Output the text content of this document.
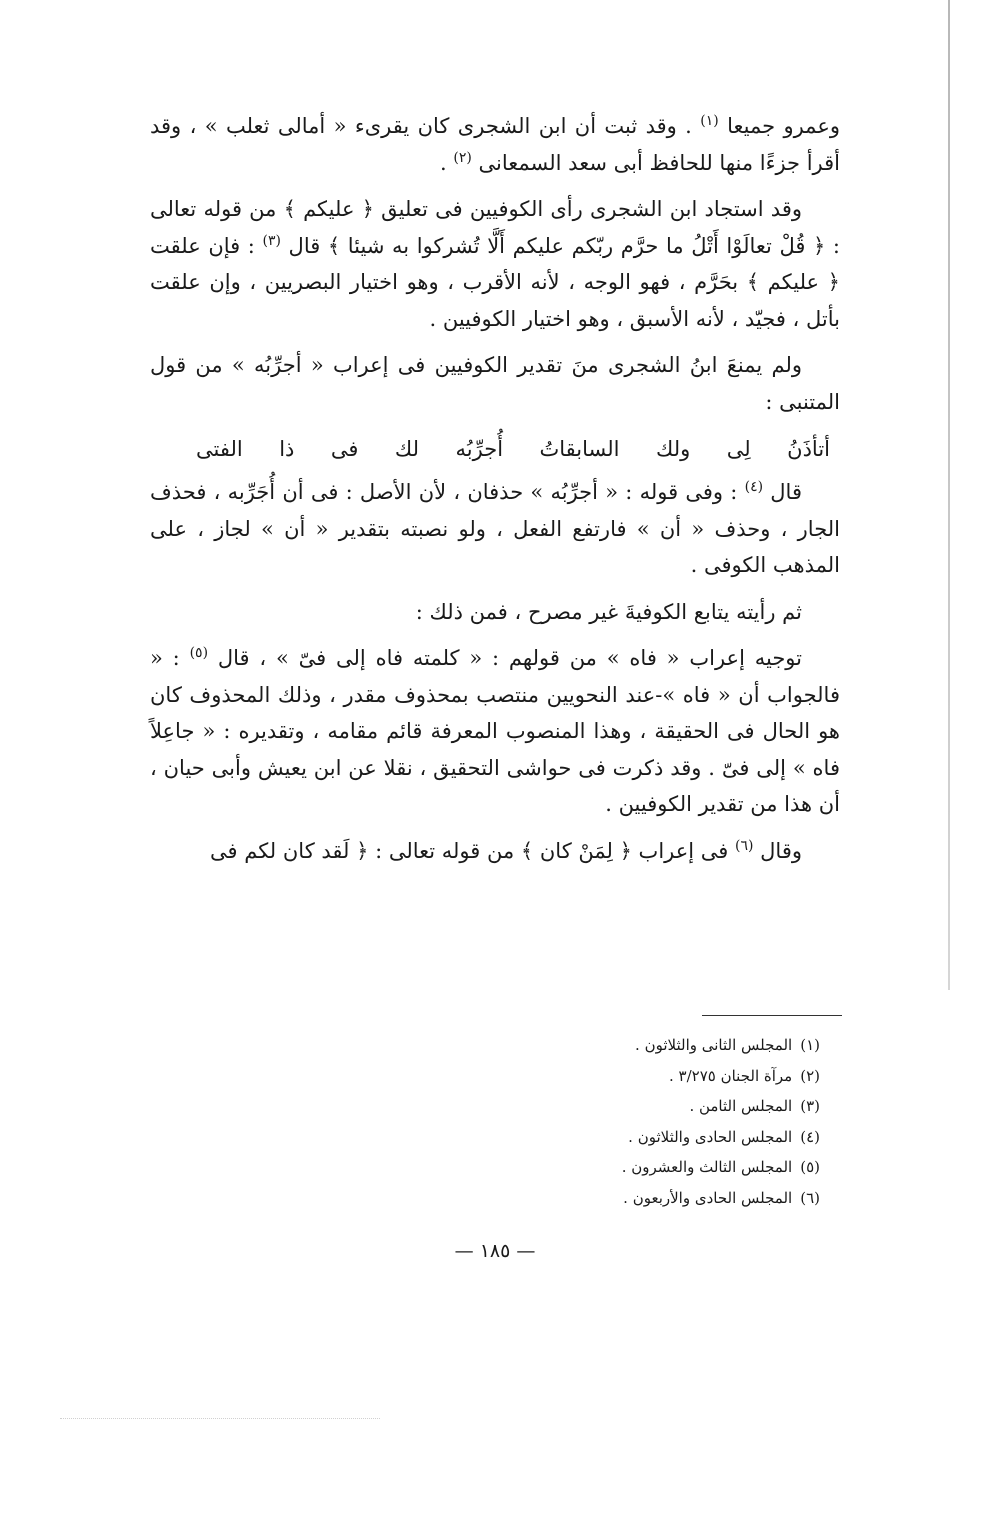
وعمرو جميعا $^{(١)}$ . وقد ثبت أن ابن الشجرى كان يقرىء « أمالى ثعلب » ، وقد أقرأ جزءًا منها للحافظ أبى سعد السمعانى $^{(٢)}$ .

وقد استجاد ابن الشجرى رأى الكوفيين فى تعليق ﴿ عليكم ﴾ من قوله تعالى : ﴿ قُلْ تعالَوْا أَتْلُ ما حرَّم ربّكم عليكم أَلَّا تُشركوا به شيئا ﴾ قال $^{(٣)}$ : فإن علقت ﴿ عليكم ﴾ بحَرَّم ، فهو الوجه ، لأنه الأقرب ، وهو اختيار البصريين ، وإن علقت بأتل ، فجيّد ، لأنه الأسبق ، وهو اختيار الكوفيين .

ولم يمنعَ ابنُ الشجرى منَ تقدير الكوفيين فى إعراب « أجرِّبُه » من قول المتنبى :

أتأذَنُ
لِى
ولك
السابقاتُ
أُجرِّبُه
لك
فى
ذا
الفتى

قال $^{(٤)}$ : وفى قوله : « أجرِّبُه » حذفان ، لأن الأصل : فى أن أُجَرِّبه ، فحذف الجار ، وحذف « أن » فارتفع الفعل ، ولو نصبته بتقدير « أن » لجاز ، على المذهب الكوفى .

ثم رأيته يتابع الكوفيةَ غير مصرح ، فمن ذلك :

توجيه إعراب « فاه » من قولهم : « كلمته فاه إلى فىّ » ، قال $^{(٥)}$ : « فالجواب أن « فاه »-عند النحويين منتصب بمحذوف مقدر ، وذلك المحذوف كان هو الحال فى الحقيقة ، وهذا المنصوب المعرفة قائم مقامه ، وتقديره : « جاعِلاً فاه » إلى فىّ . وقد ذكرت فى حواشى التحقيق ، نقلا عن ابن يعيش وأبى حيان ، أن هذا من تقدير الكوفيين .

وقال $^{(٦)}$ فى إعراب ﴿ لِمَنْ كان ﴾ من قوله تعالى : ﴿ لَقد كان لكم فى

(١)المجلس الثانى والثلاثون .
(٢)مرآة الجنان ٣/٢٧٥ .
(٣)المجلس الثامن .
(٤)المجلس الحادى والثلاثون .
(٥)المجلس الثالث والعشرون .
(٦)المجلس الحادى والأربعون .
— ١٨٥ —
